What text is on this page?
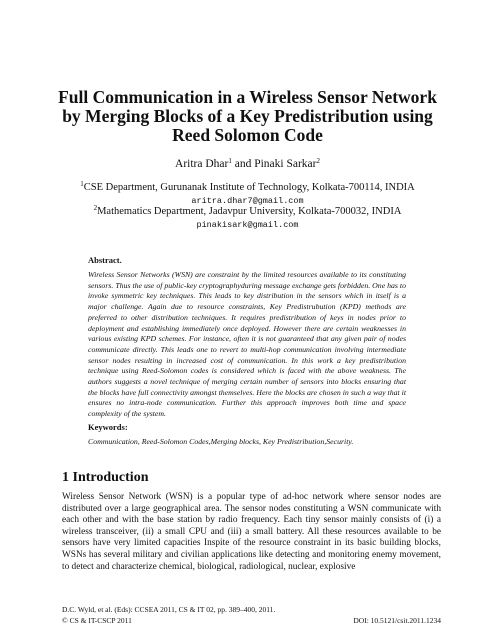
Full Communication in a Wireless Sensor Network
by Merging Blocks of a Key Predistribution using
Reed Solomon Code
Aritra Dhar$^1$ and Pinaki Sarkar$^2$
$^1$CSE Department, Gurunanak Institute of Technology, Kolkata-700114, INDIA
aritra.dhar7@gmail.com
$^2$Mathematics Department, Jadavpur University, Kolkata-700032, INDIA
pinakisark@gmail.com
Abstract.

Wireless Sensor Networks (WSN) are constraint by the limited resources available to its constituting sensors. Thus the use of public-key cryptographyduring message exchange gets forbidden. One has to invoke symmetric key techniques. This leads to key distribution in the sensors which in itself is a major challenge. Again due to resource constraints, Key Predistrubution (KPD) methods are preferred to other distribution techniques. It requires predistribution of keys in nodes prior to deployment and establishing immediately once deployed. However there are certain weaknesses in various existing KPD schemes. For instance, often it is not guaranteed that any given pair of nodes communicate directly. This leads one to revert to multi-hop communication involving intermediate sensor nodes resulting in increased cost of communication. In this work a key predistribution technique using Reed-Solomon codes is considered which is faced with the above weakness. The authors suggests a novel technique of merging certain number of sensors into blocks ensuring that the blocks have full connectivity amongst themselves. Here the blocks are chosen in such a way that it ensures no intra-node communication. Further this approach improves both time and space complexity of the system.

Keywords:
Communication, Reed-Solomon Codes,Merging blocks, Key Predistribution,Security.
1 Introduction

Wireless Sensor Network (WSN) is a popular type of ad-hoc network where sensor nodes are distributed over a large geographical area. The sensor nodes constituting a WSN communicate with each other and with the base station by radio frequency. Each tiny sensor mainly consists of (i) a wireless transceiver, (ii) a small CPU and (iii) a small battery. All these resources available to be sensors have very limited capacities Inspite of the resource constraint in its basic building blocks, WSNs has several military and civilian applications like detecting and monitoring enemy movement, to detect and characterize chemical, biological, radiological, nuclear, explosive

D.C. Wyld, et al. (Eds): CCSEA 2011, CS & IT 02, pp. 389–400, 2011.
© CS & IT-CSCP 2011	DOI: 10.5121/csit.2011.1234
